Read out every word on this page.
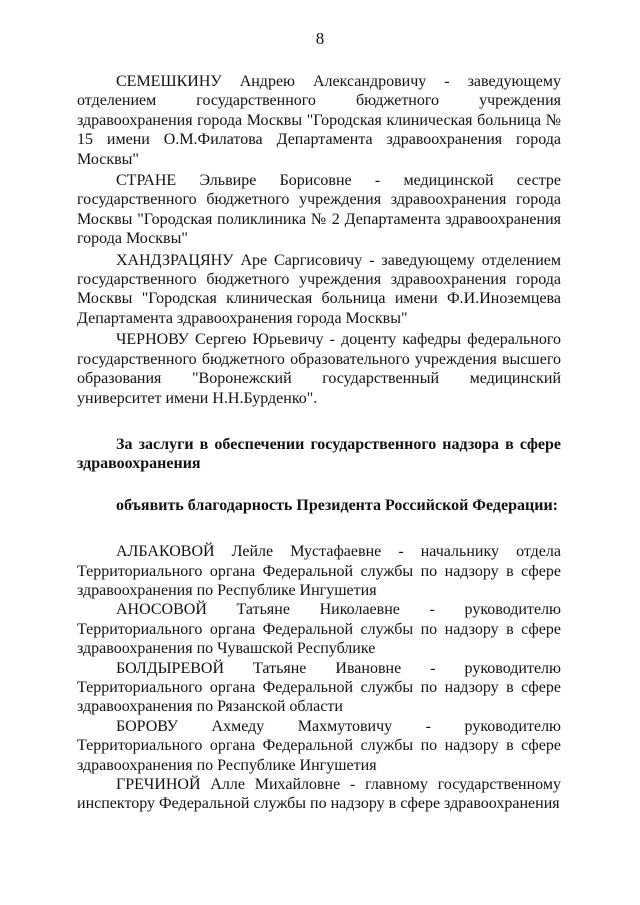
8

СЕМЕШКИНУ Андрею Александровичу - заведующему отделением государственного бюджетного учреждения здравоохранения города Москвы "Городская клиническая больница № 15 имени О.М.Филатова Департамента здравоохранения города Москвы"

СТРАНЕ Эльвире Борисовне - медицинской сестре государственного бюджетного учреждения здравоохранения города Москвы "Городская поликлиника № 2 Департамента здравоохранения города Москвы"

ХАНДЗРАЦЯНУ Аре Саргисовичу - заведующему отделением государственного бюджетного учреждения здравоохранения города Москвы "Городская клиническая больница имени Ф.И.Иноземцева Департамента здравоохранения города Москвы"

ЧЕРНОВУ Сергею Юрьевичу - доценту кафедры федерального государственного бюджетного образовательного учреждения высшего образования "Воронежский государственный медицинский университет имени Н.Н.Бурденко".

За заслуги в обеспечении государственного надзора в сфере здравоохранения

объявить благодарность Президента Российской Федерации:

АЛБАКОВОЙ Лейле Мустафаевне - начальнику отдела Территориального органа Федеральной службы по надзору в сфере здравоохранения по Республике Ингушетия

АНОСОВОЙ Татьяне Николаевне - руководителю Территориального органа Федеральной службы по надзору в сфере здравоохранения по Чувашской Республике

БОЛДЫРЕВОЙ Татьяне Ивановне - руководителю Территориального органа Федеральной службы по надзору в сфере здравоохранения по Рязанской области

БОРОВУ Ахмеду Махмутовичу - руководителю Территориального органа Федеральной службы по надзору в сфере здравоохранения по Республике Ингушетия

ГРЕЧИНОЙ Алле Михайловне - главному государственному инспектору Федеральной службы по надзору в сфере здравоохранения
